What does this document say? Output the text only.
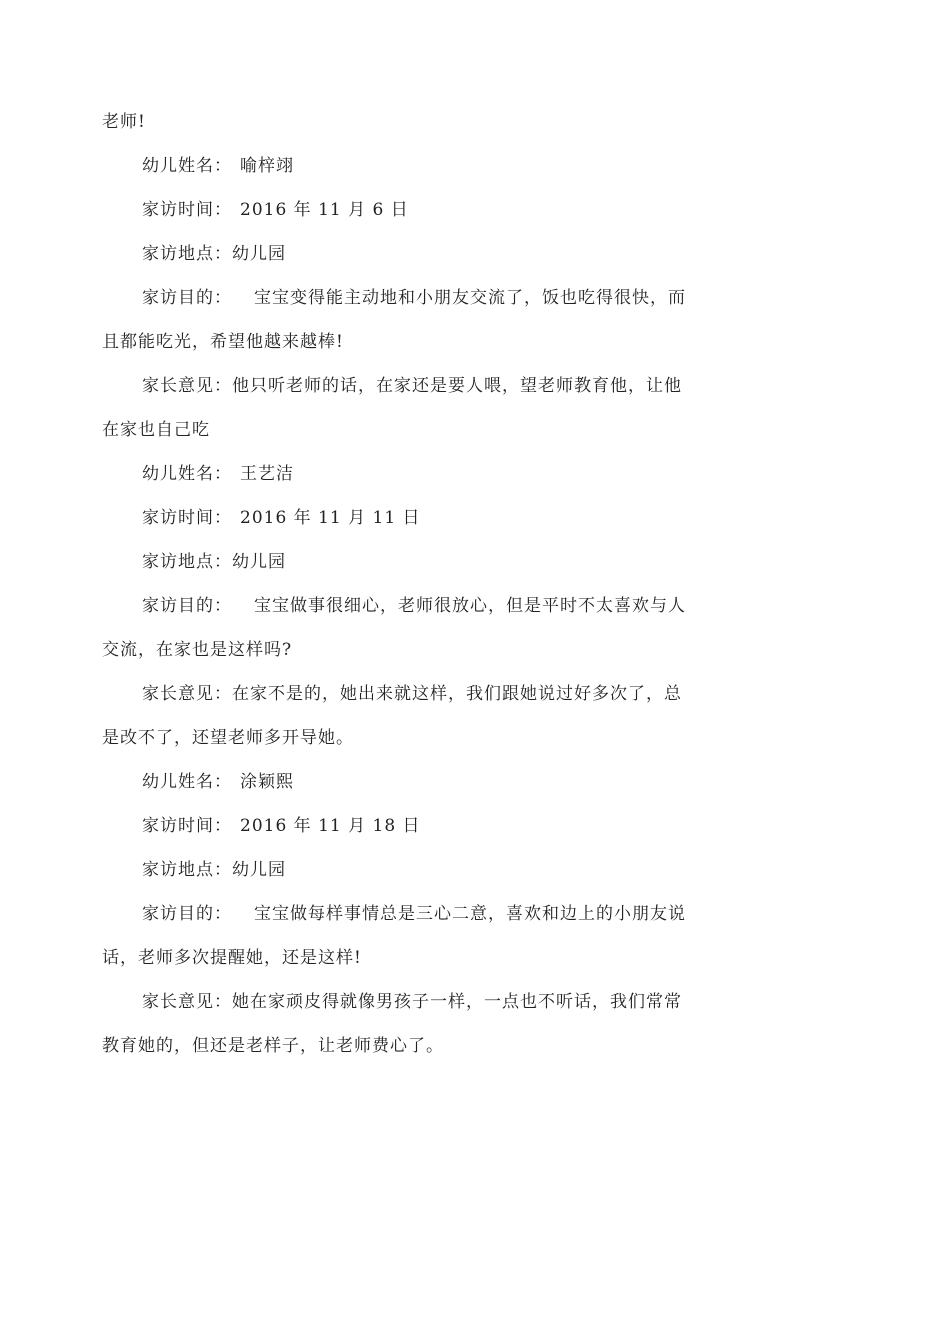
老师!
幼儿姓名： 喻梓翊
家访时间： 2016 年 11 月 6 日
家访地点：幼儿园
家访目的： 宝宝变得能主动地和小朋友交流了，饭也吃得很快，而
且都能吃光，希望他越来越棒!
家长意见：他只听老师的话，在家还是要人喂，望老师教育他，让他
在家也自己吃
幼儿姓名： 王艺洁
家访时间： 2016 年 11 月 11 日
家访地点：幼儿园
家访目的： 宝宝做事很细心，老师很放心，但是平时不太喜欢与人
交流，在家也是这样吗?
家长意见：在家不是的，她出来就这样，我们跟她说过好多次了，总
是改不了，还望老师多开导她。
幼儿姓名： 涂颖熙
家访时间： 2016 年 11 月 18 日
家访地点：幼儿园
家访目的： 宝宝做每样事情总是三心二意，喜欢和边上的小朋友说
话，老师多次提醒她，还是这样!
家长意见：她在家顽皮得就像男孩子一样，一点也不听话，我们常常
教育她的，但还是老样子，让老师费心了。
